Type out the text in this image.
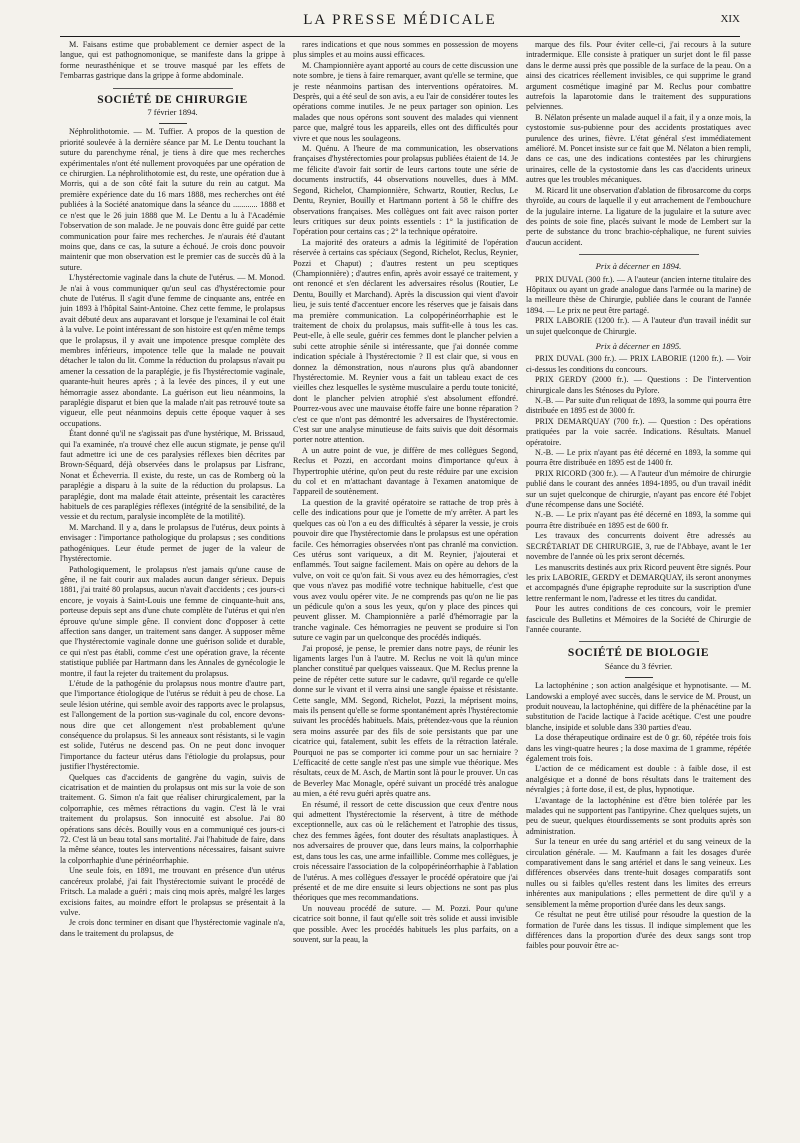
LA PRESSE MÉDICALE	XIX

M. Faisans estime que probablement ce dernier aspect de la langue, qui est pathognomonique, se manifeste dans la grippe à forme neurasthénique et se trouve masqué par les effets de l'embarras gastrique dans la grippe à forme abdominale.

SOCIÉTÉ DE CHIRURGIE
7 février 1894.

Néphrolithotomie. — M. Tuffier. A propos de la question de priorité soulevée à la dernière séance par M. Le Dentu touchant la suture du parenchyme rénal, je tiens à dire que mes recherches expérimentales n'ont été nullement provoquées par une opération de ce chirurgien. La néphrolithotomie est, du reste, une opération due à Morris, qui a de son côté fait la suture du rein au catgut. Ma première expérience date du 16 mars 1888, mes recherches ont été publiées à la Société anatomique dans la séance du ............ 1888 et ce n'est que le 26 juin 1888 que M. Le Dentu a lu à l'Académie l'observation de son malade. Je ne pouvais donc être guidé par cette communication pour faire mes recherches. Je n'aurais été d'autant moins que, dans ce cas, la suture a échoué. Je crois donc pouvoir maintenir que mon observation est le premier cas de succès dû à la suture.

L'hystérectomie vaginale dans la chute de l'utérus. — M. Monod. Je n'ai à vous communiquer qu'un seul cas d'hystérectomie pour chute de l'utérus. Il s'agit d'une femme de cinquante ans, entrée en juin 1893 à l'hôpital Saint-Antoine. Chez cette femme, le prolapsus avait débuté deux ans auparavant et lorsque je l'examinai le col était à la vulve. Le point intéressant de son histoire est qu'en même temps que le prolapsus, il y avait une impotence presque complète des membres inférieurs, impotence telle que la malade ne pouvait détacher le talon du lit. Comme la réduction du prolapsus n'avait pu amener la cessation de la paraplégie, je fis l'hystérectomie vaginale, quarante-huit heures après ; à la levée des pinces, il y eut une hémorragie assez abondante. La guérison eut lieu néanmoins, la paraplégie disparut et bien que la malade n'ait pas retrouvé toute sa vigueur, elle peut néanmoins depuis cette époque vaquer à ses occupations.

Étant donné qu'il ne s'agissait pas d'une hystérique, M. Brissaud, qui l'a examinée, n'a trouvé chez elle aucun stigmate, je pense qu'il faut admettre ici une de ces paralysies réflexes bien décrites par Brown-Séquard, déjà observées dans le prolapsus par Lisfranc, Nonat et Écheverria. Il existe, du reste, un cas de Romberg où la paraplégie a disparu à la suite de la réduction du prolapsus. La paraplégie, dont ma malade était atteinte, présentait les caractères habituels de ces paraplégies réflexes (intégrité de la sensibilité, de la vessie et du rectum, paralysie incomplète de la motilité).

M. Marchand. Il y a, dans le prolapsus de l'utérus, deux points à envisager : l'importance pathologique du prolapsus ; ses conditions pathogéniques. Leur étude permet de juger de la valeur de l'hystérectomie.

Pathologiquement, le prolapsus n'est jamais qu'une cause de gêne, il ne fait courir aux malades aucun danger sérieux. Depuis 1881, j'ai traité 80 prolapsus, aucun n'avait d'accidents ; ces jours-ci encore, je voyais à Saint-Louis une femme de cinquante-huit ans, porteuse depuis sept ans d'une chute complète de l'utérus et qui n'en éprouve qu'une simple gêne. Il convient donc d'opposer à cette affection sans danger, un traitement sans danger. A supposer même que l'hystérectomie vaginale donne une guérison solide et durable, ce qui n'est pas établi, comme c'est une opération grave, la récente statistique publiée par Hartmann dans les Annales de gynécologie le montre, il faut la rejeter du traitement du prolapsus.

L'étude de la pathogénie du prolapsus nous montre d'autre part, que l'importance étiologique de l'utérus se réduit à peu de chose. La seule lésion utérine, qui semble avoir des rapports avec le prolapsus, est l'allongement de la portion sus-vaginale du col, encore devons-nous dire que cet allongement n'est probablement qu'une conséquence du prolapsus. Si les anneaux sont résistants, si le vagin est solide, l'utérus ne descend pas. On ne peut donc invoquer l'importance du facteur utérus dans l'étiologie du prolapsus, pour justifier l'hystérectomie.

Quelques cas d'accidents de gangrène du vagin, suivis de cicatrisation et de maintien du prolapsus ont mis sur la voie de son traitement. G. Simon n'a fait que réaliser chirurgicalement, par la colporraphie, ces mêmes rétractions du vagin. C'est là le vrai traitement du prolapsus. Son innocuité est absolue. J'ai 80 opérations sans décès. Bouilly vous en a communiqué ces jours-ci 72. C'est là un beau total sans mortalité. J'ai l'habitude de faire, dans la même séance, toutes les interventions nécessaires, faisant suivre la colporrhaphie d'une périnéorrhaphie.

Une seule fois, en 1891, me trouvant en présence d'un utérus cancéreux prolabé, j'ai fait l'hystérectomie suivant le procédé de Fritsch. La malade a guéri ; mais cinq mois après, malgré les larges excisions faites, au moindre effort le prolapsus se présentait à la vulve.

Je crois donc terminer en disant que l'hystérectomie vaginale n'a, dans le traitement du prolapsus, de

rares indications et que nous sommes en possession de moyens plus simples et au moins aussi efficaces.

M. Championnière ayant apporté au cours de cette discussion une note sombre, je tiens à faire remarquer, avant qu'elle se termine, que je reste néanmoins partisan des interventions opératoires. M. Desprès, qui a été seul de son avis, a eu l'air de considérer toutes les opérations comme inutiles. Je ne peux partager son opinion. Les malades que nous opérons sont souvent des malades qui viennent parce que, malgré tous les appareils, elles ont des difficultés pour vivre et que nous les soulageons.

M. Quénu. A l'heure de ma communication, les observations françaises d'hystérectomies pour prolapsus publiées étaient de 14. Je me félicite d'avoir fait sortir de leurs cartons toute une série de documents instructifs, 44 observations nouvelles, dues à MM. Segond, Richelot, Championnière, Schwartz, Routier, Reclus, Le Dentu, Reynier, Bouilly et Hartmann portent à 58 le chiffre des observations françaises. Mes collègues ont fait avec raison porter leurs critiques sur deux points essentiels : 1° la justification de l'opération pour certains cas ; 2° la technique opératoire.

La majorité des orateurs a admis la légitimité de l'opération réservée à certains cas spéciaux (Segond, Richelot, Reclus, Reynier, Pozzi et Chaput) ; d'autres restent un peu sceptiques (Championnière) ; d'autres enfin, après avoir essayé ce traitement, y ont renoncé et s'en déclarent les adversaires résolus (Routier, Le Dentu, Bouilly et Marchand). Après la discussion qui vient d'avoir lieu, je suis tenté d'accentuer encore les réserves que je faisais dans ma première communication. La colpopérinéorrhaphie est le traitement de choix du prolapsus, mais suffit-elle à tous les cas. Peut-elle, à elle seule, guérir ces femmes dont le plancher pelvien a subi cette atrophie sénile si intéressante, que j'ai donnée comme indication spéciale à l'hystérectomie ? Il est clair que, si vous en donnez la démonstration, nous n'aurons plus qu'à abandonner l'hystérectomie. M. Reynier vous a fait un tableau exact de ces vieilles chez lesquelles le système musculaire a perdu toute tonicité, dont le plancher pelvien atrophié s'est absolument effondré. Pourrez-vous avec une mauvaise étoffe faire une bonne réparation ? c'est ce que n'ont pas démontré les adversaires de l'hystérectomie. C'est sur une analyse minutieuse de faits suivis que doit désormais porter notre attention.

A un autre point de vue, je diffère de mes collègues Segond, Reclus et Pozzi, en accordant moins d'importance qu'eux à l'hypertrophie utérine, qu'on peut du reste réduire par une excision du col et en m'attachant davantage à l'examen anatomique de l'appareil de soutènement.

La question de la gravité opératoire se rattache de trop près à celle des indications pour que je l'omette de m'y arrêter. A part les quelques cas où l'on a eu des difficultés à séparer la vessie, je crois pouvoir dire que l'hystérectomie dans le prolapsus est une opération facile. Ces hémorragies observées n'ont pas chranlé ma conviction. Ces utérus sont variqueux, a dit M. Reynier, j'ajouterai et enflammés. Tout saigne facilement. Mais on opère au dehors de la vulve, on voit ce qu'on fait. Si vous avez eu des hémorragies, c'est que vous n'avez pas modifié votre technique habituelle, c'est que vous avez voulu opérer vite. Je ne comprends pas qu'on ne lie pas un pédicule qu'on a sous les yeux, qu'on y place des pinces qui peuvent glisser. M. Championnière a parlé d'hémorragie par la tranche vaginale. Ces hémorragies ne peuvent se produire si l'on suture ce vagin par un quelconque des procédés indiqués.

J'ai proposé, je pense, le premier dans notre pays, de réunir les ligaments larges l'un à l'autre. M. Reclus ne voit là qu'un mince plancher constitué par quelques vaisseaux. Que M. Reclus prenne la peine de répéter cette suture sur le cadavre, qu'il regarde ce qu'elle donne sur le vivant et il verra ainsi une sangle épaisse et résistante. Cette sangle, MM. Segond, Richelot, Pozzi, la méprisent moins, mais ils pensent qu'elle se forme spontanément après l'hystérectomie suivant les procédés habituels. Mais, prétendez-vous que la réunion sera moins assurée par des fils de soie persistants que par une cicatrice qui, fatalement, subit les effets de la rétraction latérale. Pourquoi ne pas se comporter ici comme pour un sac herniaire ? L'efficacité de cette sangle n'est pas une simple vue théorique. Mes résultats, ceux de M. Asch, de Martin sont là pour le prouver. Un cas de Beverley Mac Monagle, opéré suivant un procédé très analogue au mien, a été revu guéri après quatre ans.

En résumé, il ressort de cette discussion que ceux d'entre nous qui admettent l'hystérectomie la réservent, à titre de méthode exceptionnelle, aux cas où le relâchement et l'atrophie des tissus, chez des femmes âgées, font douter des résultats anaplastiques. À nos adversaires de prouver que, dans leurs mains, la colporrhaphie est, dans tous les cas, une arme infaillible. Comme mes collègues, je crois nécessaire l'association de la colpopérinéorrhaphie à l'ablation de l'utérus. A mes collègues d'essayer le procédé opératoire que j'ai présenté et de me dire ensuite si leurs objections ne sont pas plus théoriques que mes recommandations.

Un nouveau procédé de suture. — M. Pozzi. Pour qu'une cicatrice soit bonne, il faut qu'elle soit très solide et aussi invisible que possible. Avec les procédés habituels les plus parfaits, on a souvent, sur la peau, la

marque des fils. Pour éviter celle-ci, j'ai recours à la suture intradermique. Elle consiste à pratiquer un surjet dont le fil passe dans le derme aussi près que possible de la surface de la peau. On a ainsi des cicatrices réellement invisibles, ce qui supprime le grand argument cosmétique imaginé par M. Reclus pour combattre autrefois la laparotomie dans le traitement des suppurations pelviennes.

B. Nélaton présente un malade auquel il a fait, il y a onze mois, la cystostomie sus-pubienne pour des accidents prostatiques avec purulence des urines, fièvre. L'état général s'est immédiatement amélioré. M. Poncet insiste sur ce fait que M. Nélaton a bien rempli, dans ce cas, une des indications contestées par les chirurgiens urinaires, celle de la cystostomie dans les cas d'accidents urineux autres que les troubles mécaniques.

M. Ricard lit une observation d'ablation de fibrosarcome du corps thyroïde, au cours de laquelle il y eut arrachement de l'embouchure de la jugulaire interne. La ligature de la jugulaire et la suture avec des points de soie fine, placés suivant le mode de Lembert sur la perte de substance du tronc brachio-céphalique, ne furent suivies d'aucun accident.

Prix à décerner en 1894.

PRIX DUVAL (300 fr.). — A l'auteur (ancien interne titulaire des Hôpitaux ou ayant un grade analogue dans l'armée ou la marine) de la meilleure thèse de Chirurgie, publiée dans le courant de l'année 1894. — Le prix ne peut être partagé.

PRIX LABORIE (1200 fr.). — A l'auteur d'un travail inédit sur un sujet quelconque de Chirurgie.

Prix à décerner en 1895.

PRIX DUVAL (300 fr.). — PRIX LABORIE (1200 fr.). — Voir ci-dessus les conditions du concours.

PRIX GERDY (2000 fr.). — Questions : De l'intervention chirurgicale dans les Sténoses du Pylore.

N.-B. — Par suite d'un reliquat de 1893, la somme qui pourra être distribuée en 1895 est de 3000 fr.

PRIX DEMARQUAY (700 fr.). — Question : Des opérations pratiquées par la voie sacrée. Indications. Résultats. Manuel opératoire.

N.-B. — Le prix n'ayant pas été décerné en 1893, la somme qui pourra être distribuée en 1895 est de 1400 fr.

PRIX RICORD (300 fr.). — A l'auteur d'un mémoire de chirurgie publié dans le courant des années 1894-1895, ou d'un travail inédit sur un sujet quelconque de chirurgie, n'ayant pas encore été l'objet d'une récompense dans une Société.

N.-B. — Le prix n'ayant pas été décerné en 1893, la somme qui pourra être distribuée en 1895 est de 600 fr.

Les travaux des concurrents doivent être adressés au SECRÉTARIAT DE CHIRURGIE, 3, rue de l'Abbaye, avant le 1er novembre de l'année où les prix seront décernés.

Les manuscrits destinés aux prix Ricord peuvent être signés. Pour les prix LABORIE, GERDY et DEMARQUAY, ils seront anonymes et accompagnés d'une épigraphe reproduite sur la suscription d'une lettre renfermant le nom, l'adresse et les titres du candidat.

Pour les autres conditions de ces concours, voir le premier fascicule des Bulletins et Mémoires de la Société de Chirurgie de l'année courante.

SOCIÉTÉ DE BIOLOGIE
Séance du 3 février.

La lactophénine ; son action analgésique et hypnotisante. — M. Landowski a employé avec succès, dans le service de M. Proust, un produit nouveau, la lactophénine, qui diffère de la phénacétine par la substitution de l'acide lactique à l'acide acétique. C'est une poudre blanche, insipide et soluble dans 330 parties d'eau.

La dose thérapeutique ordinaire est de 0 gr. 60, répétée trois fois dans les vingt-quatre heures ; la dose maxima de 1 gramme, répétée également trois fois.

L'action de ce médicament est double : à faible dose, il est analgésique et a donné de bons résultats dans le traitement des névralgies ; à forte dose, il est, de plus, hypnotique.

L'avantage de la lactophénine est d'être bien tolérée par les malades qui ne supportent pas l'antipyrine. Chez quelques sujets, un peu de sueur, quelques étourdissements se sont produits après son administration.

Sur la teneur en urée du sang artériel et du sang veineux de la circulation générale. — M. Kaufmann a fait les dosages d'urée comparativement dans le sang artériel et dans le sang veineux. Les différences observées dans trente-huit dosages comparatifs sont nulles ou si faibles qu'elles restent dans les limites des erreurs inhérentes aux manipulations ; elles permettent de dire qu'il y a sensiblement la même proportion d'urée dans les deux sangs.

Ce résultat ne peut être utilisé pour résoudre la question de la formation de l'urée dans les tissus. Il indique simplement que les différences dans la proportion d'urée des deux sangs sont trop faibles pour pouvoir être ac-
